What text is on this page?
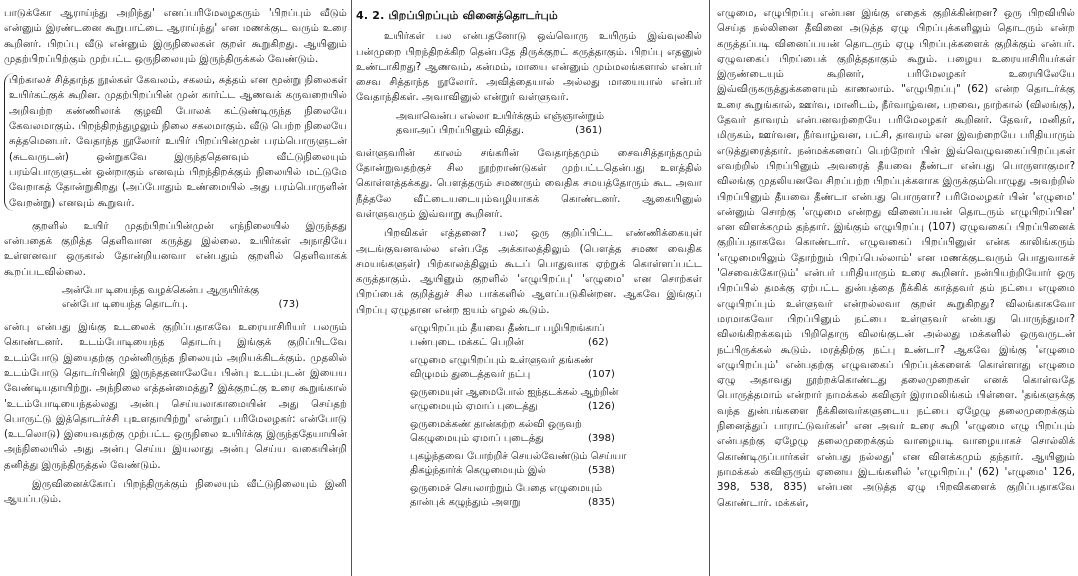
பாடுக்கோ ஆராய்ந்து அறிந்து' எனப்பரிமேலழகரும் 'பிறப்பும் வீடும் என்னும் இரண்டனை கூறுபாட்டை ஆராய்ந்து' என மணக்குட வரும் உரை கூறினர். பிறப்பு வீடு என்னும் இருநிலைகள் குறள் கூறுகிறது. ஆயினும் முதற்பிறப்பிற்கும் முற்பட்ட ஒருநிலையும் இருந்திருக்கல் வேண்டும்.

பிற்காலச் சித்தாந்த நூல்கள் கேவலம், சகலம், சுத்தம் என மூன்று நிலைகள் உயிர்கட்குக் கூறின. முதற்பிறப்பின் முன் கார்ட்ட ஆணவக் கருவறையில் அறிவற்ற கண்ணிலாக் குழவி போலக் கட்டுண்டிருந்த நிலையே கேவலமாகும். பிறந்திறந்துழலும் நிலை சகலமாகும். வீடு பெற்ற நிலையே சுத்தமெனபர். வேதாந்த நூலோர் உயிர் பிறப்பின்முன் பரம்பொருளுடன் (சுடவருடன்) ஒன்றுகவே இருந்ததெனவும் வீட்டுநிலையும் பரம்பொருளுடன் ஒன்றாகும் எனவும் பிறந்திறக்கும் நிலையில் மட்டுமே வேறாகத் தோன்றுகிறது (அப்போதும் உண்மையில் அது பரம்பொருளின் வேறன்று) எனவும் கூறுவர்.

குறளில் உயிர் முதற்பிறப்பின்முன் எந்நிலையில் இருந்தது என்பதைக் குறித்த தெளிவான கருத்து இல்லை. உயிர்கள் அநாதியே உள்ளனவா ஒருகால் தோன்றியனவா என்பதும் குறளில் தெளிவாகக் கூறப்படவில்லை.

அன்போ டியைந்த வழக்கென்ப ஆருயிர்க்கு
என்போ டியைந்த தொடர்பு.	(73)

என்பு என்பது இங்கு உடலைக் குறிப்பதாகவே உரையாசிரியர் பலரும் கொண்டனர். உடம்போடியைந்த தொடர்பு இங்குக் குறிப்பிடவே உடம்போடு இயைதற்கு முன்னிருந்த நிலையும் அறியக்கிடக்கும். முதலில் உடம்போடு தொடர்பின்றி இருந்ததனாலேயே பின்பு உடம்புடன் இயைய வேண்டியதாயிற்று. அந்நிலை எத்தன்மைத்து? இக்குறட்கு உரை கூறுங்கால் 'உடம்போடியைந்தல்லது அன்பு செய்யலாகாமையின் அது செய்தற் பொருட்டு இத்தொடர்ச்சி புஉளதாயிற்று' என்றுப் பரிமேலழகர்: என்போடு (உடலொடு) இயைவதற்கு முற்பட்ட ஒருநிலை உயிர்க்கு இருந்ததேயாயின் அந்நிலையில் அது அன்பு செய்ய இயலாது அன்பு செய்ய வகையின்றி தனித்து இருந்திருத்தல் வேண்டும்.

இருவினைக்கோப் பிறந்திருக்கும் நிலையும் வீட்டுநிலையும் இனி ஆயப்படும்.

4. 2. பிறப்பிறப்பும் வினைத்தொடர்பும்

உயிர்கள் பல என்பதனோடு ஒவ்வொரு உயிரும் இவ்வுலகில் பன்முறை பிறந்திறக்கிற தென்பதே திருக்குறட் கருத்தாகும். பிறப்பு எதனுல் உண்டாகிறது? ஆணவம், கன்மம், மாயை என்னும் மும்மலங்களால் என்பர் சைவ சித்தாந்த நூலோர். அவித்தையால் அல்லது மாயையால் என்பர் வேதாந்திகள். அவாவினுல் என்றுர் வள்ளுவர்.

அவாவென்ப எல்லா உயிர்க்கும் எஞ்ஞான்றும்
தவாஅப் பிறப்பினும் வித்து.	(361)

வள்ளுவரின் காலம் சங்கரின் வேதாந்தமும் சைவசித்தாந்தமும் தோன்றுவதற்குச் சில நூற்றாண்டுகள் முற்பட்டதென்பது உளத்தில் கொள்ளத்தக்கது. பௌத்தரும் சமணரும் வைதிக சமயத்தோரும் கூட அவா நீத்தலே வீட்டையடையும்வழியாகக் கொண்டனர். ஆகையினுல் வள்ளுவரும் இவ்வாறு கூறினர்.

பிறவிகள் எத்தனை? பல; ஒரு குறிப்பிட்ட எண்ணிக்கையுள் அடங்குவனவல்ல என்பதே அக்காலத்திலும் (பௌத்த சமண வைதிக சமயங்களுள்) பிற்காலத்திலும் கூடப் பொதுவாக ஏற்றுக் கொள்ளப்பட்ட கருத்தாகும். ஆயினும் குறளில் 'எழுபிறப்பு' 'எழுமை' என சொற்கள் பிறப்பைக் குறித்துச் சில பாக்களில் ஆளப்படுகின்றன. ஆகவே இங்குப் பிறப்பு ஏழுதான என்ற ஐயம் எழல் கூடும்.

எழுபிறப்பும் தீயவை தீண்டா பழிபிறங்காப்
பண்புடை மக்கட் பெறின்	(62)
எழுமை எழுபிறப்பும் உள்ளுவர் தங்கண்
விழுமம் துடைத்தவர் நட்பு	(107)
ஒருமையுள் ஆமைபோல் ஐந்தடக்கல் ஆற்றின்
எழுமையும் ஏமாப் புடைத்து	(126)
ஒருமைக்கண் தான்கற்ற கல்வி ஒருவற்
கெழுமையும் ஏமாப் புடைத்து	(398)
புகழ்ந்தவை போற்றிச் செயல்வேண்டும் செய்யா
திகழ்ந்தார்க் கெழுமையும் இல்	(538)
ஒருமைச் செயலாற்றும் பேதை எழுமையும்
தான்புக் கழுந்தும் அளறு	(835)

எழுமை, எழுபிறப்பு என்பன இங்கு எதைக் குறிக்கின்றன? ஒரு பிறவியில் செய்த நல்லினை தீவினை அடுத்த ஏழு பிறப்புக்களிலும் தொடரும் என்ற கருத்தப்படி வினைப்பயன் தொடரும் ஏழு பிறப்புக்களைக் குறிக்கும் என்பர். ஏழுவகைப் பிறப்பைக் குறித்ததாகும் கூறும். பழைய உரையாசிரியர்கள் இருண்டையும் கூறினர், பரிமேலழகர் உரையிலேயே இவ்விருகருத்துக்களையும் காணலாம். "எழுபிறப்பு" (62) என்ற தொடர்க்கு உரை கூறுங்கால், ஊர்வ, மானிடம், நீர்வாழ்வன, பறவை, நாற்கால் (விலங்கு), தேவர் தாவரம் என்பனவற்றையே பரிமேலழகர் கூறினர். தேவர், மனிதர், மிருகம், ஊர்வன, நீர்வாழ்வன, பட்சி, தாவரம் என இவற்றையே பரிதியாரும் எடுத்துரைத்தார். நன்மக்களைப் பெற்றோர் பின் இவ்வெழுவகைப்பிறப்புகள் எவற்றில் பிறப்பினும் அவரைத் தீயவை தீண்டா என்பது பொருளாகுமா? விலங்கு முதலியனவே சிறப்பற்ற பிறப்புக்களாக இருக்கும்பொழுது அவற்றில் பிறப்பினும் தீயவை தீண்டா என்பது பொருளா? பரிமேலழகர் பின் 'எழுமை' என்னும் சொற்கு 'எழுமை என்றது வினைப்பயன் தொடரும் எழுபிறப்பின' என விளக்கமும் தந்தார். இங்கும் எழுபிறப்பு (107) ஏழுவகைப் பிறப்பினைக் குறிப்பதாகவே கொண்டார். எழுவகைப் பிறப்பினுள் என்க காலிங்கரும் 'எழுமையிலும் தோற்றும் பிறப்பெல்லாம்' என மணக்குடவரும் பொதுவாகச் 'செவைக்கோடும்' என்பர் பரிதியாரும் உரை கூறினர். நன்பியற்றியோர் ஒரு பிறப்பில் தமக்கு ஏற்பட்ட துன்பத்தை நீக்கிக் காத்தவர் தம் நட்பை எழுமை எழுபிறப்பும் உள்ளுவர் என்றல்லவா குறள் கூறுகிறது? விலங்காகவோ மரமாகவோ பிறப்பினும் நட்பை உள்ளுவர் என்பது பொருந்துமா? விலங்கிறக்கவும் பிறிதொரு விலங்குடன் அல்லது மக்களில் ஒருவருடன் நட்பிருக்கல் கூடும். மரத்திற்கு நட்பு உண்டா? ஆகவே இங்கு 'எழுமை எழுபிறப்பும்' என்பதற்கு எழுவகைப் பிறப்புக்களைக் கொள்ளாது எழுமை ஏழு அதாவது நூற்றக்கொண்டது தலைமுறைகள் எனக் கொள்வதே பொருத்தமாம் என்றார் நாமக்கல் கவிஞர் இராமலிங்கம் பிள்ளை. 'தங்களுக்கு வந்த துன்பங்களை நீக்கினவர்களுடைய நட்பை ஏழேழு தலைமுறைக்கும் நினைத்துப் பாராட்டுவர்கள்' என அவர் உரை கூறி 'எழுமை எழு பிறப்பும் என்பதற்கு ஏழேழு தலைமுறைக்கும் வாழையடி வாழையாகச் சொல்லிக் கொண்டிருப்பார்கள் என்பது நல்லது' என விளக்கமும் தந்தார். ஆயினும் நாமக்கல் கவிஞரும் ஏனைய இடங்களில் 'எழுபிறப்பு' (62) 'எழுமை' 126, 398, 538, 835) என்பன அடுத்த ஏழு பிறவிகளைக் குறிப்பதாகவே கொண்டார். மக்கள்,
